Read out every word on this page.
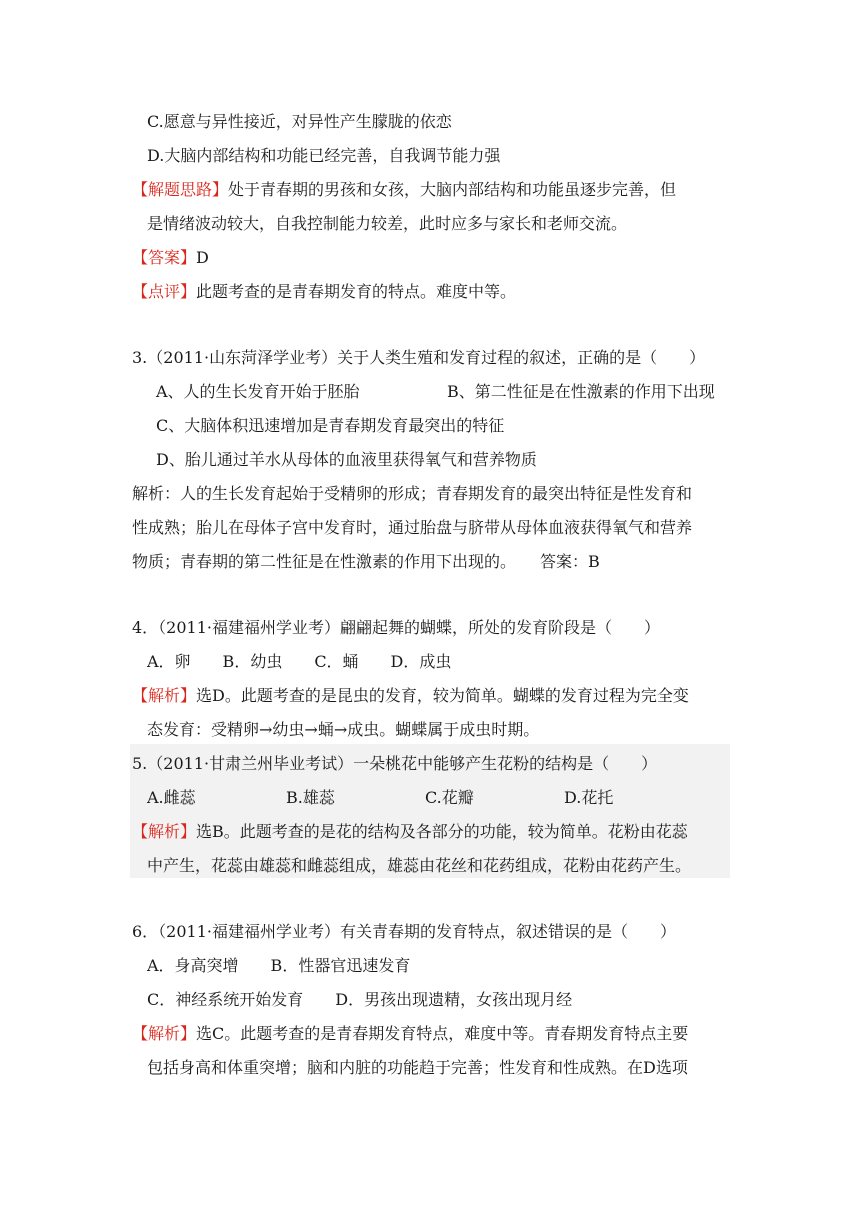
C.愿意与异性接近，对异性产生朦胧的依恋
D.大脑内部结构和功能已经完善，自我调节能力强
【解题思路】处于青春期的男孩和女孩，大脑内部结构和功能虽逐步完善，但
是情绪波动较大，自我控制能力较差，此时应多与家长和老师交流。
【答案】D
【点评】此题考查的是青春期发育的特点。难度中等。
3.（2011·山东菏泽学业考）关于人类生殖和发育过程的叙述，正确的是（　　）
A、人的生长发育开始于胚胎	B、第二性征是在性激素的作用下出现
C、大脑体积迅速增加是青春期发育最突出的特征
D、胎儿通过羊水从母体的血液里获得氧气和营养物质
解析：人的生长发育起始于受精卵的形成；青春期发育的最突出特征是性发育和
性成熟；胎儿在母体子宫中发育时，通过胎盘与脐带从母体血液获得氧气和营养
物质；青春期的第二性征是在性激素的作用下出现的。　　答案：B
4．（2011·福建福州学业考）翩翩起舞的蝴蝶，所处的发育阶段是（　　）
A．卵　　B．幼虫　　C．蛹　　D．成虫
【解析】选D。此题考查的是昆虫的发育，较为简单。蝴蝶的发育过程为完全变
态发育：受精卵→幼虫→蛹→成虫。蝴蝶属于成虫时期。
5.（2011·甘肃兰州毕业考试）一朵桃花中能够产生花粉的结构是（　　）
A.雌蕊	B.雄蕊	C.花瓣	D.花托
【解析】选B。此题考查的是花的结构及各部分的功能，较为简单。花粉由花蕊
中产生，花蕊由雄蕊和雌蕊组成，雄蕊由花丝和花药组成，花粉由花药产生。
6．（2011·福建福州学业考）有关青春期的发育特点，叙述错误的是（　　）
A．身高突增　　B．性器官迅速发育
C．神经系统开始发育　　D．男孩出现遗精，女孩出现月经
【解析】选C。此题考查的是青春期发育特点，难度中等。青春期发育特点主要
包括身高和体重突增；脑和内脏的功能趋于完善；性发育和性成熟。在D选项
